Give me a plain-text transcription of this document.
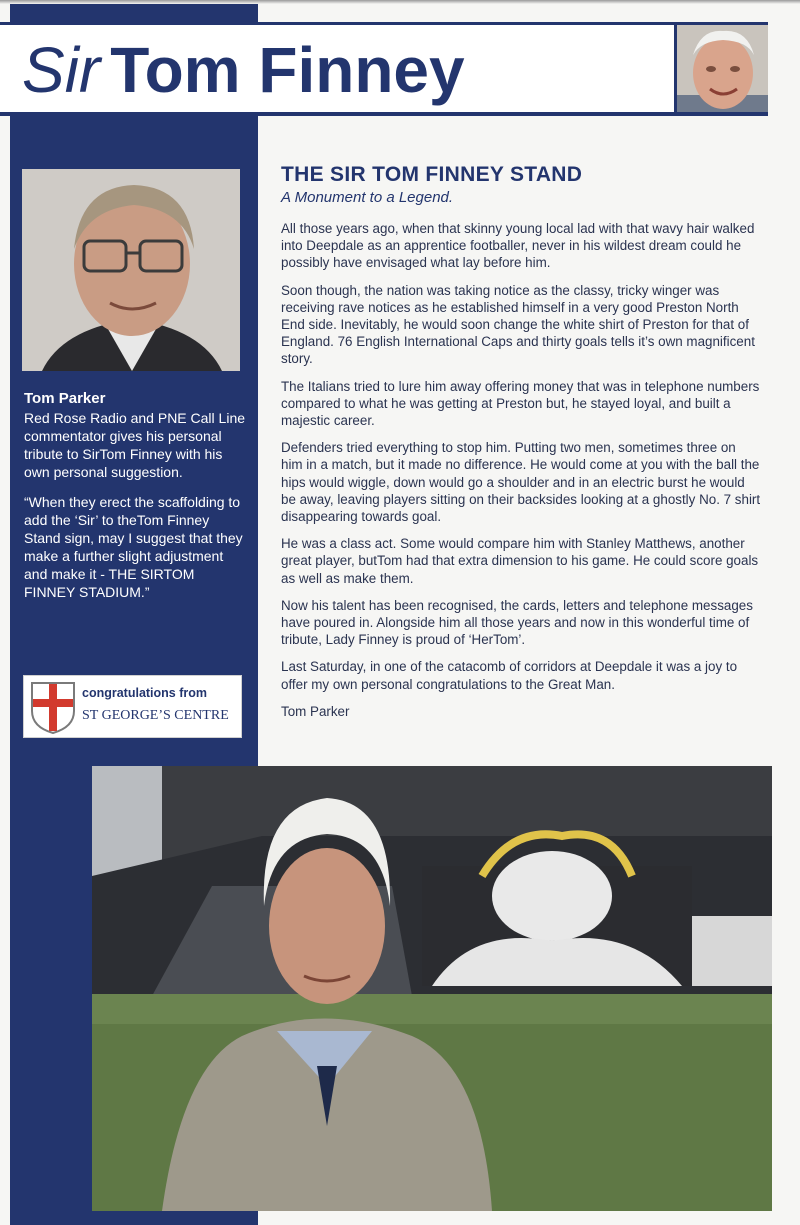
Sir Tom Finney

Tom Parker

Red Rose Radio and PNE Call Line commentator gives his personal tribute to SirTom Finney with his own personal suggestion.

“When they erect the scaffolding to add the ‘Sir’ to theTom Finney Stand sign, may I suggest that they make a further slight adjustment and make it - THE SIRTOM FINNEY STADIUM.”

congratulations from
ST GEORGE’S CENTRE
THE SIR TOM FINNEY STAND

A Monument to a Legend.

All those years ago, when that skinny young local lad with that wavy hair walked into Deepdale as an apprentice footballer, never in his wildest dream could he possibly have envisaged what lay before him.

Soon though, the nation was taking notice as the classy, tricky winger was receiving rave notices as he established himself in a very good Preston North End side. Inevitably, he would soon change the white shirt of Preston for that of England. 76 English International Caps and thirty goals tells it’s own magnificent story.

The Italians tried to lure him away offering money that was in telephone numbers compared to what he was getting at Preston but, he stayed loyal, and built a majestic career.

Defenders tried everything to stop him. Putting two men, sometimes three on him in a match, but it made no difference. He would come at you with the ball the hips would wiggle, down would go a shoulder and in an electric burst he would be away, leaving players sitting on their backsides looking at a ghostly No. 7 shirt disappearing towards goal.

He was a class act. Some would compare him with Stanley Matthews, another great player, butTom had that extra dimension to his game. He could score goals as well as make them.

Now his talent has been recognised, the cards, letters and telephone messages have poured in. Alongside him all those years and now in this wonderful time of tribute, Lady Finney is proud of ‘HerTom’.

Last Saturday, in one of the catacomb of corridors at Deepdale it was a joy to offer my own personal congratulations to the Great Man.

Tom Parker
